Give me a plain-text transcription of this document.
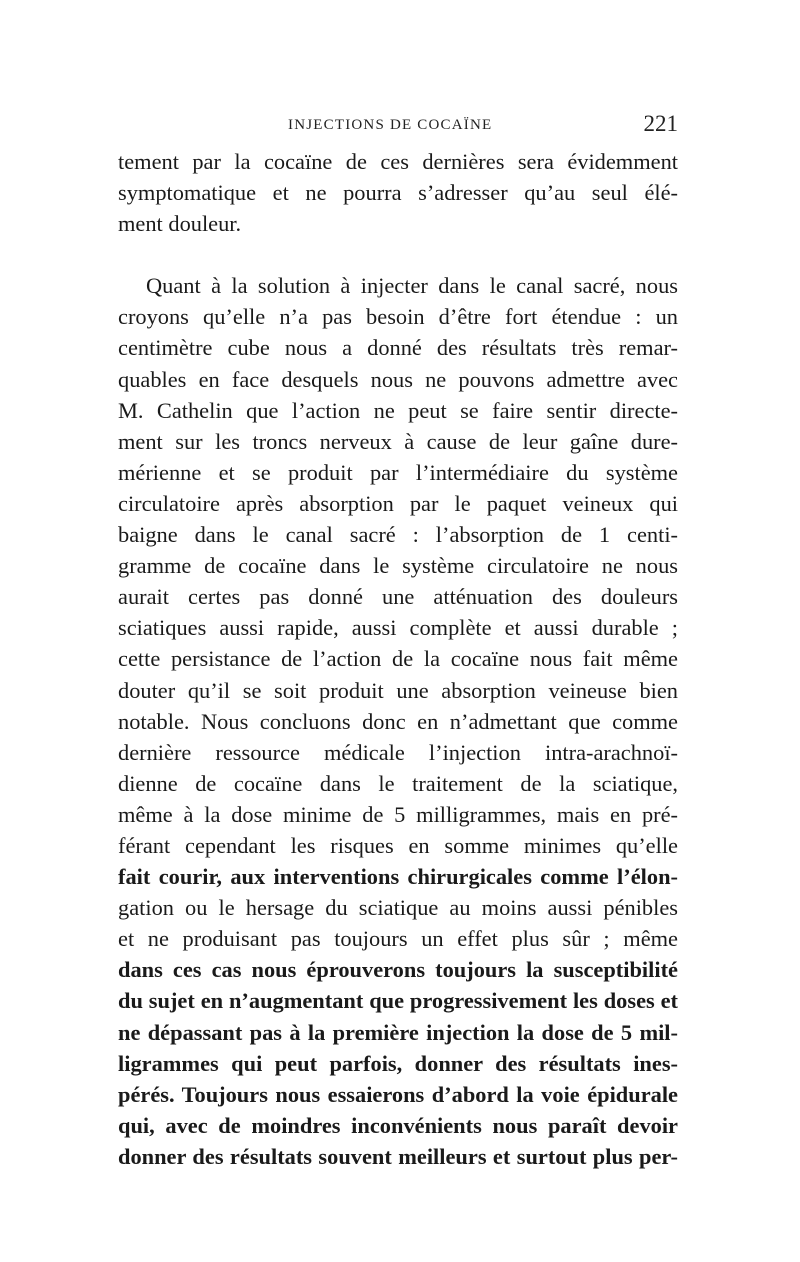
INJECTIONS DE COCAÏNE	221
tement par la cocaïne de ces dernières sera évidemment
symptomatique et ne pourra s’adresser qu’au seul élé-
ment douleur.
Quant à la solution à injecter dans le canal sacré, nous
croyons qu’elle n’a pas besoin d’être fort étendue : un
centimètre cube nous a donné des résultats très remar-
quables en face desquels nous ne pouvons admettre avec
M. Cathelin que l’action ne peut se faire sentir directe-
ment sur les troncs nerveux à cause de leur gaîne dure-
mérienne et se produit par l’intermédiaire du système
circulatoire après absorption par le paquet veineux qui
baigne dans le canal sacré : l’absorption de 1 centi-
gramme de cocaïne dans le système circulatoire ne nous
aurait certes pas donné une atténuation des douleurs
sciatiques aussi rapide, aussi complète et aussi durable ;
cette persistance de l’action de la cocaïne nous fait même
douter qu’il se soit produit une absorption veineuse bien
notable. Nous concluons donc en n’admettant que comme
dernière ressource médicale l’injection intra-arachnoï-
dienne de cocaïne dans le traitement de la sciatique,
même à la dose minime de 5 milligrammes, mais en pré-
férant cependant les risques en somme minimes qu’elle
fait courir, aux interventions chirurgicales comme l’élon-
gation ou le hersage du sciatique au moins aussi pénibles
et ne produisant pas toujours un effet plus sûr ; même
dans ces cas nous éprouverons toujours la susceptibilité
du sujet en n’augmentant que progressivement les doses et
ne dépassant pas à la première injection la dose de 5 mil-
ligrammes qui peut parfois, donner des résultats ines-
pérés. Toujours nous essaierons d’abord la voie épidurale
qui, avec de moindres inconvénients nous paraît devoir
donner des résultats souvent meilleurs et surtout plus per-
